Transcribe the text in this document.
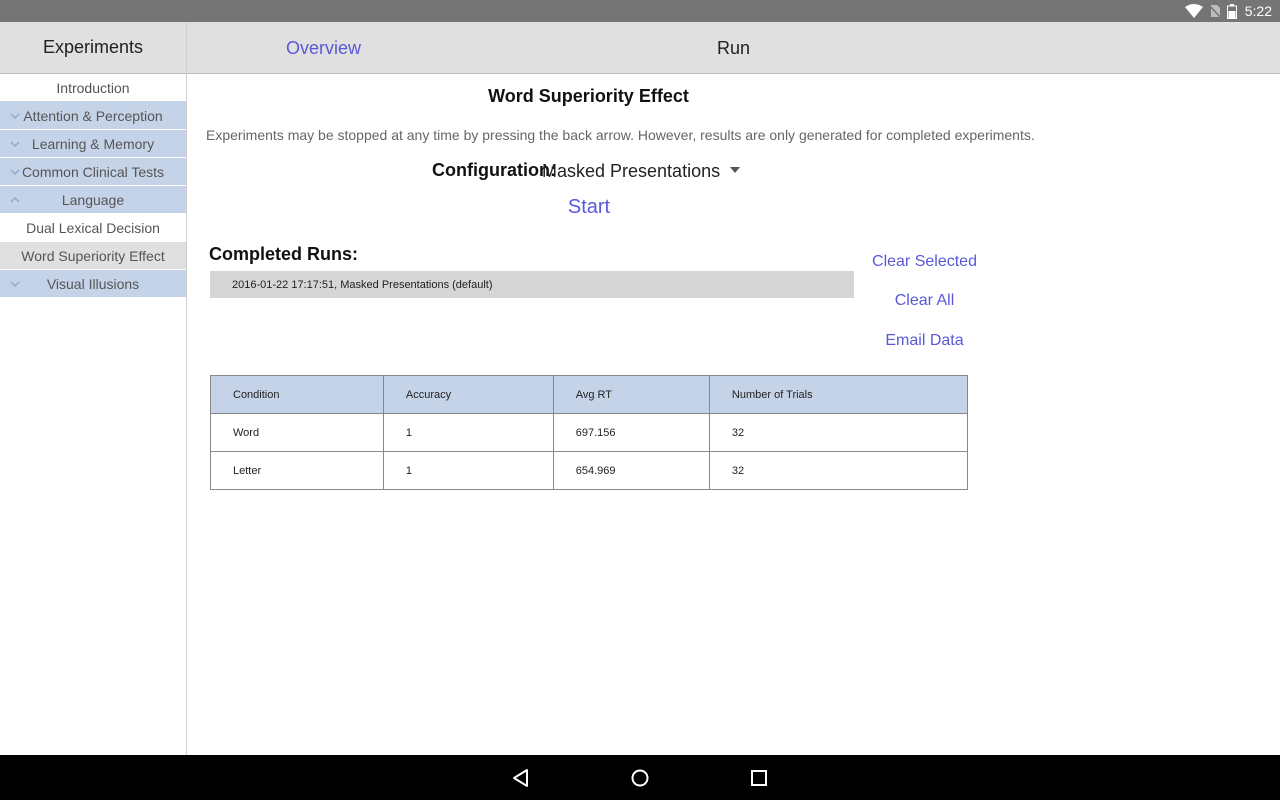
5:22
Experiments
Introduction
Attention & Perception
Learning & Memory
Common Clinical Tests
Language
Dual Lexical Decision
Word Superiority Effect
Visual Illusions
Overview	Run
Word Superiority Effect
Experiments may be stopped at any time by pressing the back arrow. However, results are only generated for completed experiments.
Configuration:
Masked Presentations
Start
Completed Runs:
2016-01-22 17:17:51, Masked Presentations (default)
Clear Selected
Clear All
Email Data
Condition	Accuracy	Avg RT	Number of Trials
Word	1	697.156	32
Letter	1	654.969	32
